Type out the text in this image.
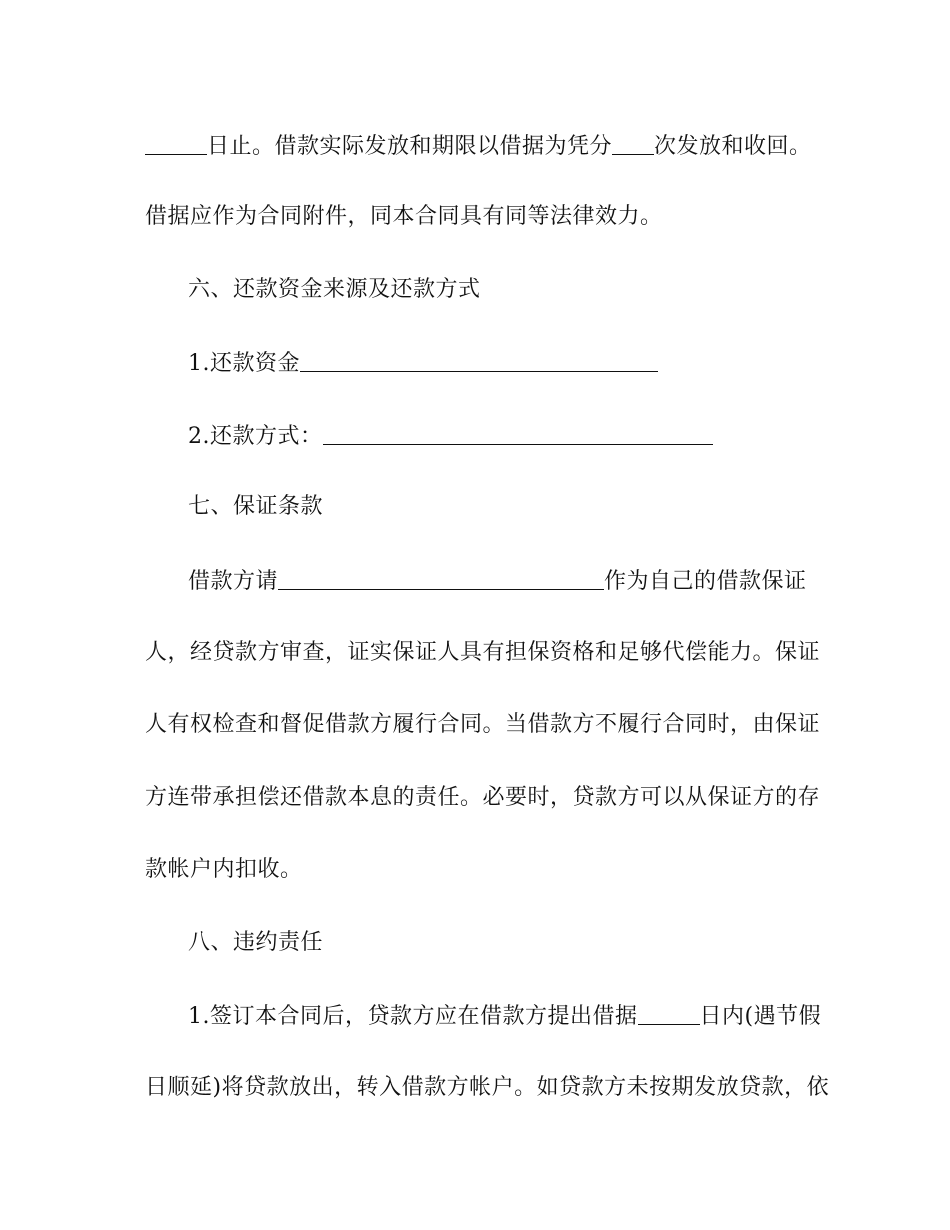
日止。借款实际发放和期限以借据为凭分 次发放和收回。
借据应作为合同附件，同本合同具有同等法律效力。
六、还款资金来源及还款方式
1.还款资金
2.还款方式：
七、保证条款
借款方请	作为自己的借款保证
人，经贷款方审查，证实保证人具有担保资格和足够代偿能力。保证
人有权检查和督促借款方履行合同。当借款方不履行合同时，由保证
方连带承担偿还借款本息的责任。必要时，贷款方可以从保证方的存
款帐户内扣收。
八、违约责任
1.签订本合同后，贷款方应在借款方提出借据	日内(遇节假
日顺延)将贷款放出，转入借款方帐户。如贷款方未按期发放贷款，依
